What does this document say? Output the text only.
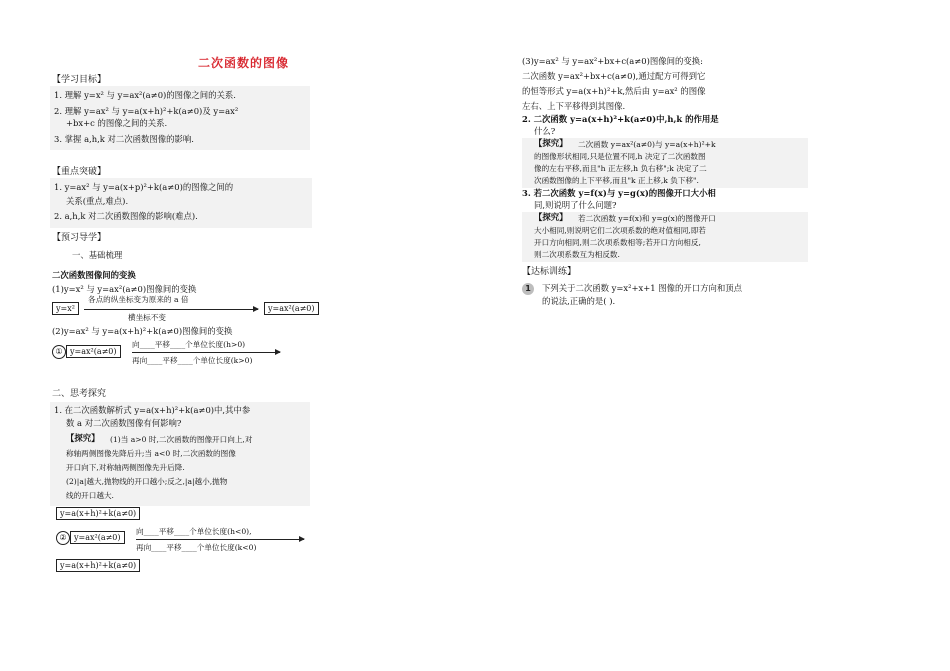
二次函数的图像
【学习目标】
1. 理解 y=x² 与 y=ax²(a≠0)的图像之间的关系.
2. 理解 y=ax² 与 y=a(x+h)²+k(a≠0)及 y=ax²
+bx+c 的图像之间的关系.
3. 掌握 a,h,k 对二次函数图像的影响.
【重点突破】
1. y=ax² 与 y=a(x+p)²+k(a≠0)的图像之间的
关系(重点,难点).
2. a,h,k 对二次函数图像的影响(难点).
【预习导学】
一、基础梳理
二次函数图像间的变换
(1)y=x² 与 y=ax²(a≠0)图像间的变换
y=x²
各点的纵坐标变为原来的 a 倍
横坐标不变
y=ax²(a≠0)
(2)y=ax² 与 y=a(x+h)²+k(a≠0)图像间的变换
① y=ax²(a≠0)
向____平移____个单位长度(h>0)
再向____平移____个单位长度(k>0)
二、思考探究
1. 在二次函数解析式 y=a(x+h)²+k(a≠0)中,其中参
数 a 对二次函数图像有何影响?
【探究】 (1)当 a>0 时,二次函数的图像开口向上,对
称轴两侧图像先降后升;当 a<0 时,二次函数的图像
开口向下,对称轴两侧图像先升后降.
(2)|a|越大,抛物线的开口越小;反之,|a|越小,抛物
线的开口越大.
y=a(x+h)²+k(a≠0)
② y=ax²(a≠0)
向____平移____个单位长度(h<0),
再向____平移____个单位长度(k<0)
y=a(x+h)²+k(a≠0)
(3)y=ax² 与 y=ax²+bx+c(a≠0)图像间的变换:
二次函数 y=ax²+bx+c(a≠0),通过配方可得到它
的恒等形式 y=a(x+h)²+k,然后由 y=ax² 的图像
左右、上下平移得到其图像.
2. 二次函数 y=a(x+h)²+k(a≠0)中,h,k 的作用是
什么?
【探究】 二次函数 y=ax²(a≠0)与 y=a(x+h)²+k
的图像形状相同,只是位置不同,h 决定了二次函数图
像的左右平移,而且"h 正左移,h 负右移";k 决定了二
次函数图像的上下平移,而且"k 正上移,k 负下移".
3. 若二次函数 y=f(x)与 y=g(x)的图像开口大小相
同,则说明了什么问题?
【探究】 若二次函数 y=f(x)和 y=g(x)的图像开口
大小相同,则说明它们二次项系数的绝对值相同,即若
开口方向相同,则二次项系数相等;若开口方向相反,
则二次项系数互为相反数.
【达标训练】
1	下列关于二次函数 y=x²+x+1 图像的开口方向和顶点
的说法,正确的是( ).
